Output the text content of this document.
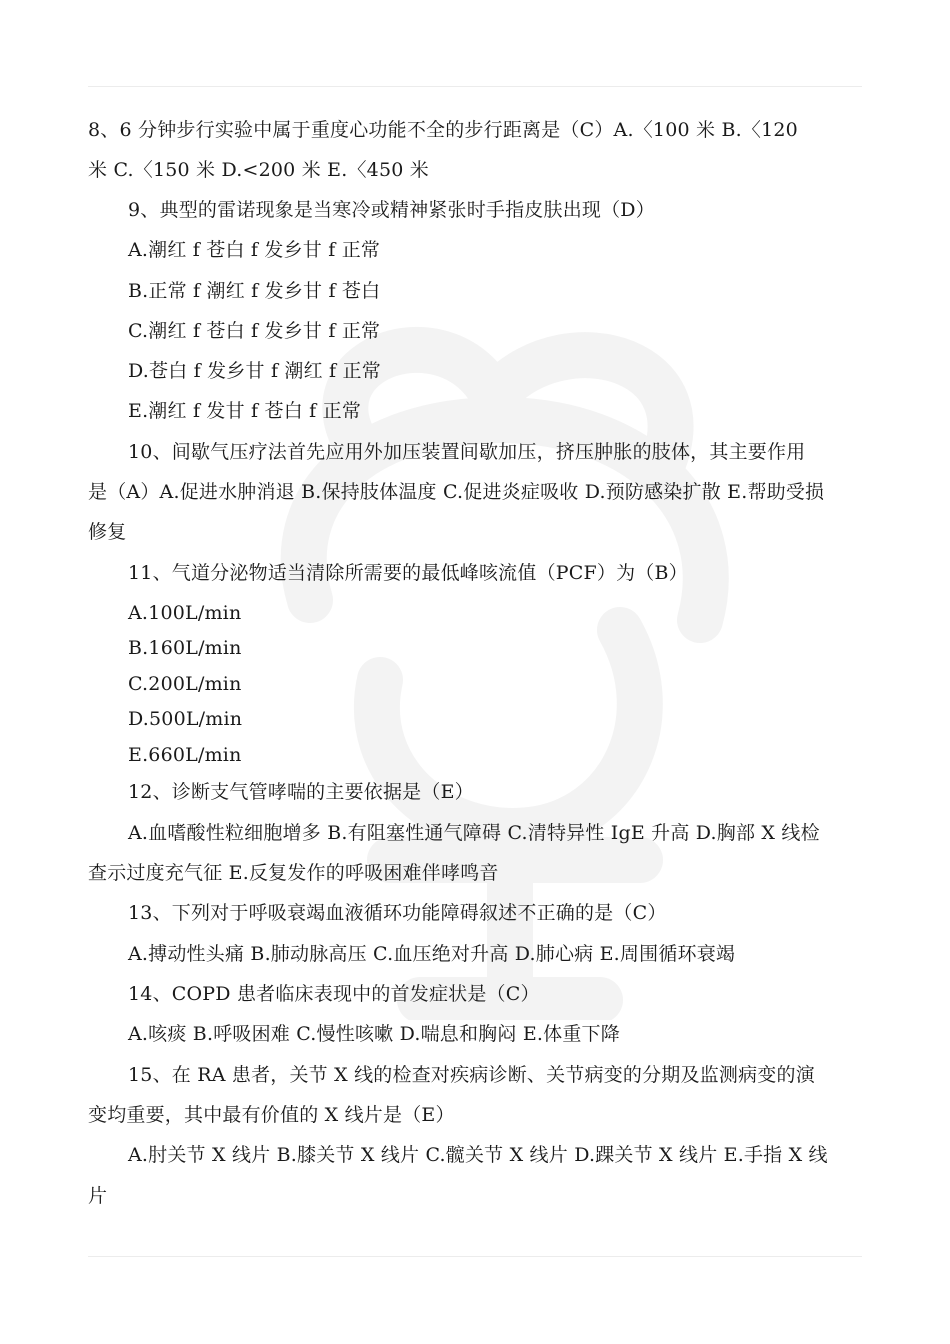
8、6 分钟步行实验中属于重度心功能不全的步行距离是（C）A.〈100 米 B.〈120
米 C.〈150 米 D.<200 米 E.〈450 米
9、典型的雷诺现象是当寒冷或精神紧张时手指皮肤出现（D）
A.潮红 f 苍白 f 发乡甘 f 正常
B.正常 f 潮红 f 发乡甘 f 苍白
C.潮红 f 苍白 f 发乡甘 f 正常
D.苍白 f 发乡甘 f 潮红 f 正常
E.潮红 f 发甘 f 苍白 f 正常
10、间歇气压疗法首先应用外加压装置间歇加压，挤压肿胀的肢体，其主要作用
是（A）A.促进水肿消退 B.保持肢体温度 C.促进炎症吸收 D.预防感染扩散 E.帮助受损
修复
11、气道分泌物适当清除所需要的最低峰咳流值（PCF）为（B）
A.100L/min
B.160L/min
C.200L/min
D.500L/min
E.660L/min
12、诊断支气管哮喘的主要依据是（E）
A.血嗜酸性粒细胞增多 B.有阻塞性通气障碍 C.清特异性 IgE 升高 D.胸部 X 线检
查示过度充气征 E.反复发作的呼吸困难伴哮鸣音
13、下列对于呼吸衰竭血液循环功能障碍叙述不正确的是（C）
A.搏动性头痛 B.肺动脉高压 C.血压绝对升高 D.肺心病 E.周围循环衰竭
14、COPD 患者临床表现中的首发症状是（C）
A.咳痰 B.呼吸困难 C.慢性咳嗽 D.喘息和胸闷 E.体重下降
15、在 RA 患者，关节 X 线的检查对疾病诊断、关节病变的分期及监测病变的演
变均重要，其中最有价值的 X 线片是（E）
A.肘关节 X 线片 B.膝关节 X 线片 C.髋关节 X 线片 D.踝关节 X 线片 E.手指 X 线
片
